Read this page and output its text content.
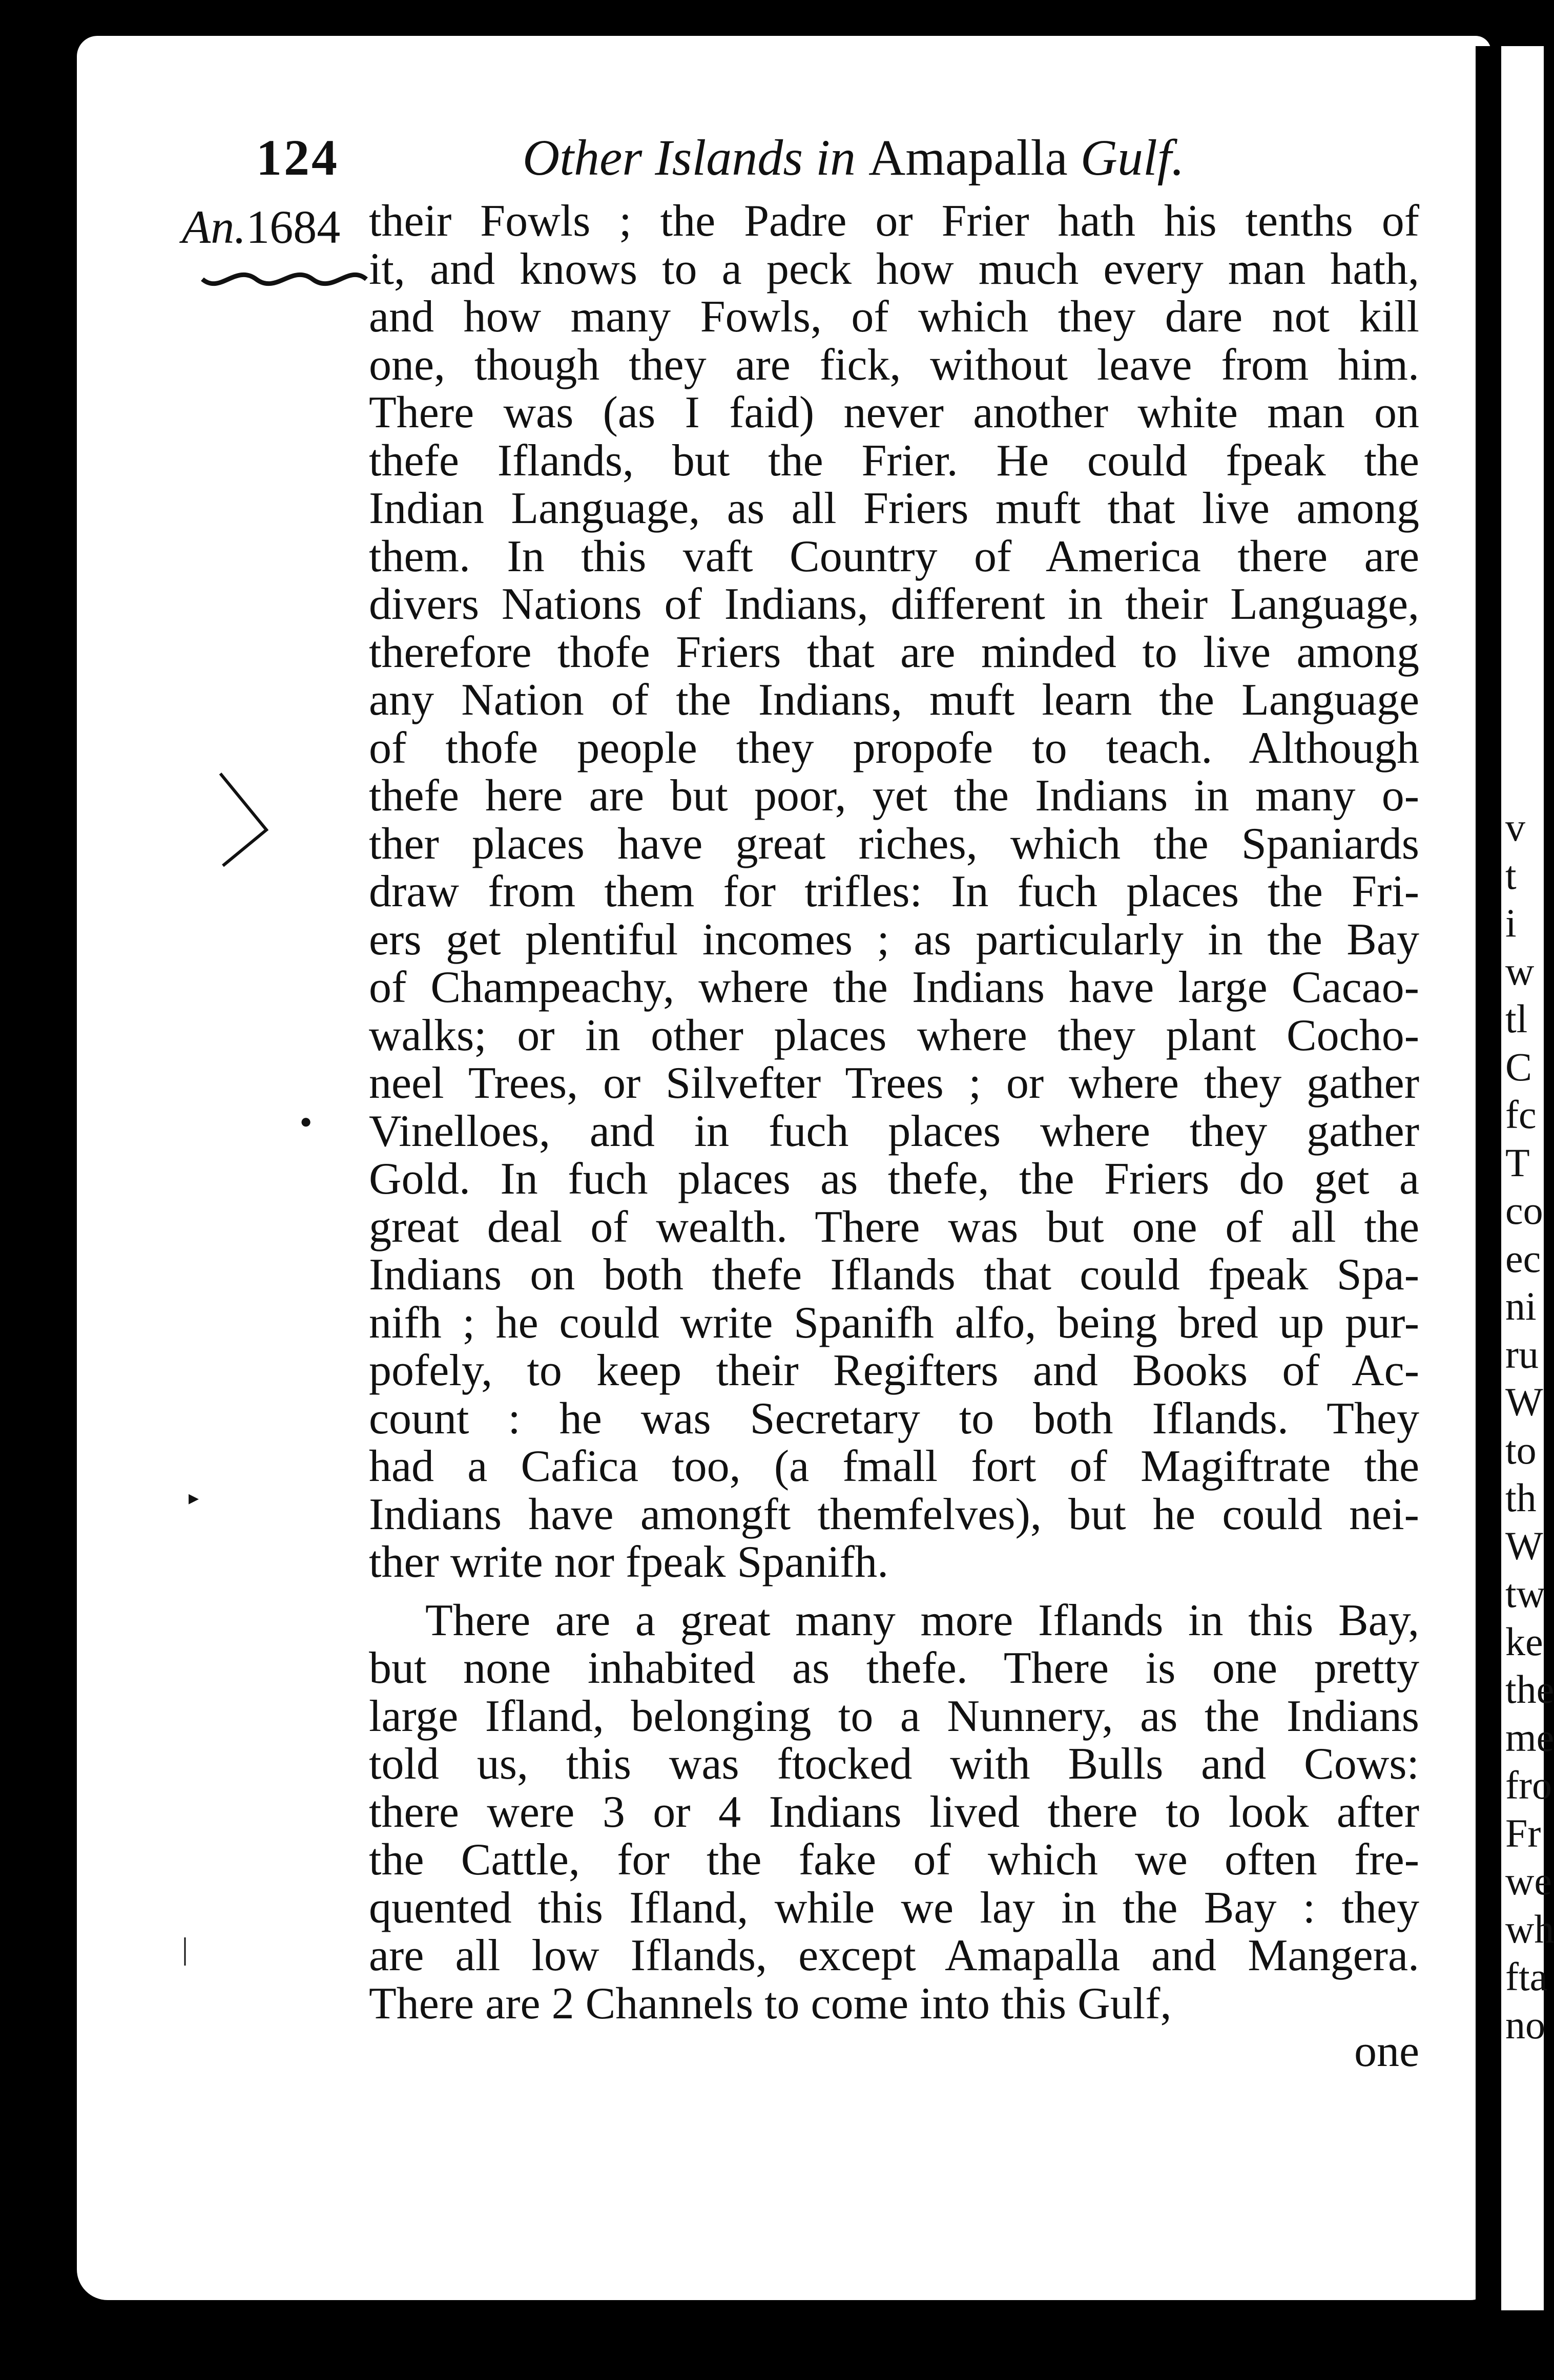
v
t
i
w
tl
C
fc
T
co
ec
ni
ru
W
to
th
W
tw
ke
the
me
fro
Fr
we
wh
fta
no
124	Other Islands in Amapalla Gulf.
An.1684
●
▸
|
their Fowls ; the Padre or Frier hath his tenths of
it, and knows to a peck how much every man hath,
and how many Fowls, of which they dare not kill
one, though they are fick, without leave from him.
There was (as I faid) never another white man on
thefe Iflands, but the Frier. He could fpeak the
Indian Language, as all Friers muft that live among
them. In this vaft Country of America there are
divers Nations of Indians, different in their Language,
therefore thofe Friers that are minded to live among
any Nation of the Indians, muft learn the Language
of thofe people they propofe to teach. Although
thefe here are but poor, yet the Indians in many o-
ther places have great riches, which the Spaniards
draw from them for trifles: In fuch places the Fri-
ers get plentiful incomes ; as particularly in the Bay
of Champeachy, where the Indians have large Cacao-
walks; or in other places where they plant Cocho-
neel Trees, or Silvefter Trees ; or where they gather
Vinelloes, and in fuch places where they gather
Gold. In fuch places as thefe, the Friers do get a
great deal of wealth. There was but one of all the
Indians on both thefe Iflands that could fpeak Spa-
nifh ; he could write Spanifh alfo, being bred up pur-
pofely, to keep their Regifters and Books of Ac-
count : he was Secretary to both Iflands. They
had a Cafica too, (a fmall fort of Magiftrate the
Indians have amongft themfelves), but he could nei-
ther write nor fpeak Spanifh.
There are a great many more Iflands in this Bay,
but none inhabited as thefe. There is one pretty
large Ifland, belonging to a Nunnery, as the Indians
told us, this was ftocked with Bulls and Cows:
there were 3 or 4 Indians lived there to look after
the Cattle, for the fake of which we often fre-
quented this Ifland, while we lay in the Bay : they
are all low Iflands, except Amapalla and Mangera.
There are 2 Channels to come into this Gulf,
one
